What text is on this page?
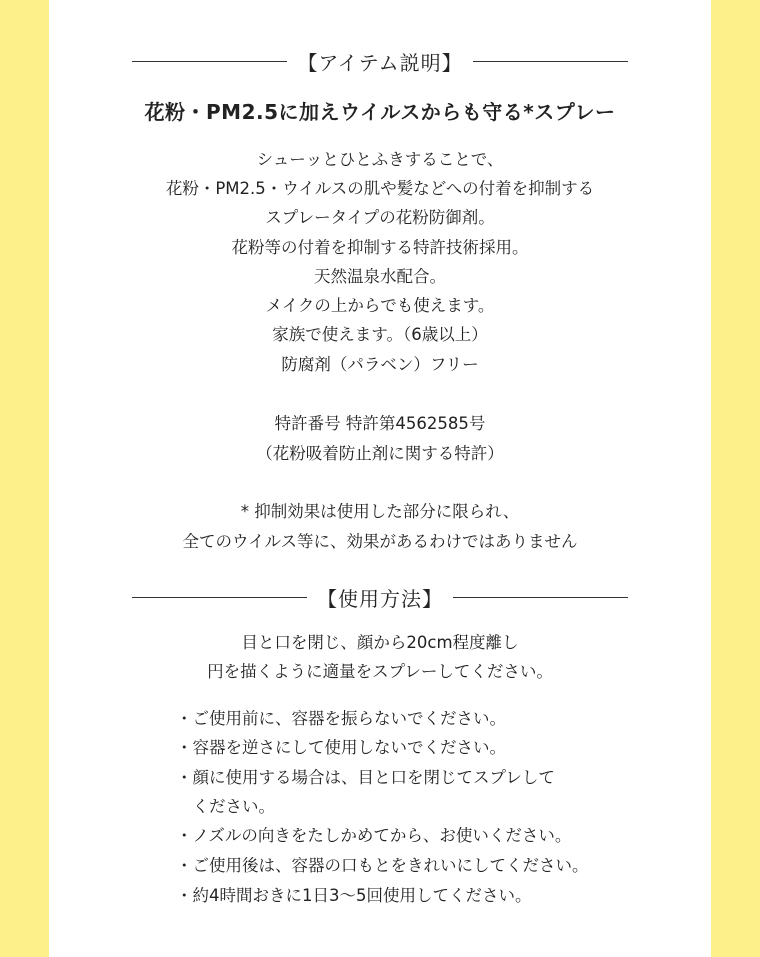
【アイテム説明】
花粉・PM2.5に加えウイルスからも守る*スプレー
シューッとひとふきすることで、
花粉・PM2.5・ウイルスの肌や髪などへの付着を抑制する
スプレータイプの花粉防御剤。
花粉等の付着を抑制する特許技術採用。
天然温泉水配合。
メイクの上からでも使えます。
家族で使えます。（6歳以上）
防腐剤（パラベン）フリー
特許番号 特許第4562585号
（花粉吸着防止剤に関する特許）
* 抑制効果は使用した部分に限られ、
全てのウイルス等に、効果があるわけではありません
【使用方法】
目と口を閉じ、顔から20cm程度離し
円を描くように適量をスプレーしてください。
・ご使用前に、容器を振らないでください。
・容器を逆さにして使用しないでください。
・顔に使用する場合は、目と口を閉じてスプレして
　ください。
・ノズルの向きをたしかめてから、お使いください。
・ご使用後は、容器の口もとをきれいにしてください。
・約4時間おきに1日3～5回使用してください。
